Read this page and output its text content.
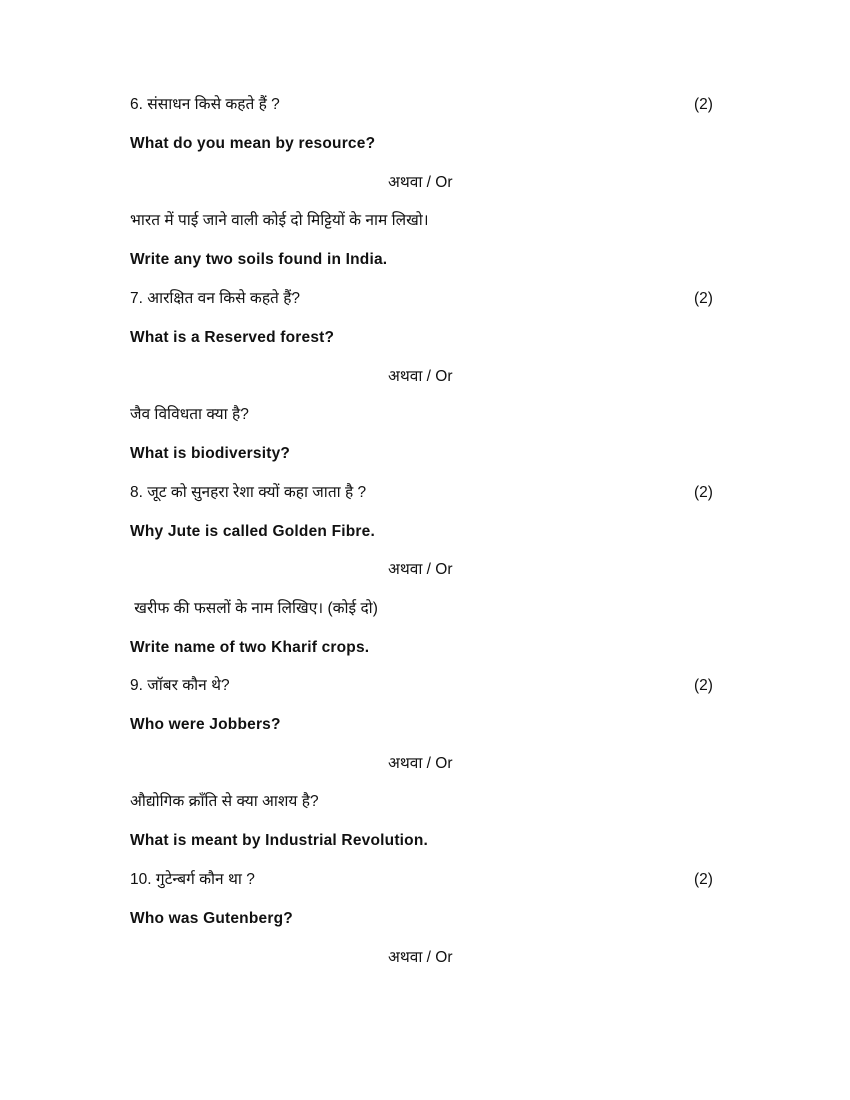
6. संसाधन किसे कहते हैं ?	(2)
What do you mean by resource?
अथवा / Or
भारत में पाई जाने वाली कोई दो मिट्टियों के नाम लिखो।
Write any two soils found in India.
7. आरक्षित वन किसे कहते हैं?	(2)
What is a Reserved forest?
अथवा / Or
जैव विविधता क्या है?
What is biodiversity?
8. जूट को सुनहरा रेशा क्यों कहा जाता है ?	(2)
Why Jute is called Golden Fibre.
अथवा / Or
खरीफ की फसलों के नाम लिखिए। (कोई दो)
Write name of two Kharif crops.
9. जॉबर कौन थे?	(2)
Who were Jobbers?
अथवा / Or
औद्योगिक क्राँति से क्या आशय है?
What is meant by Industrial Revolution.
10. गुटेन्बर्ग कौन था ?	(2)
Who was Gutenberg?
अथवा / Or
